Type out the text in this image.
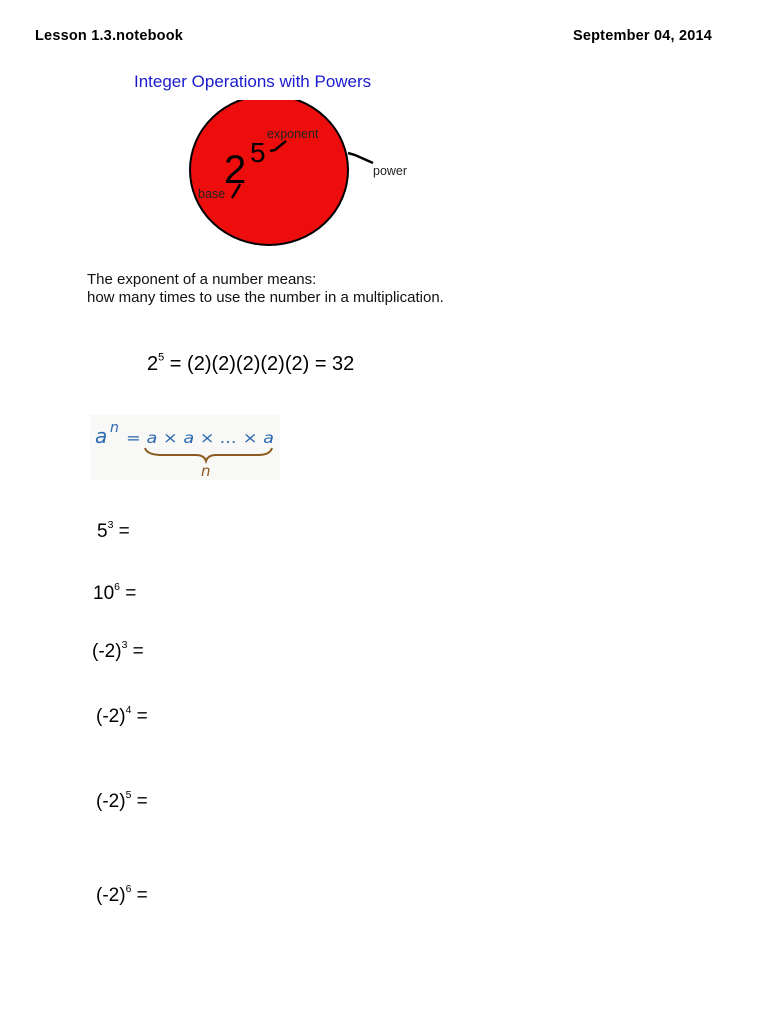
Lesson 1.3.notebook	September 04, 2014
Integer Operations with Powers
2 5
exponent
base
power
The exponent of a number means:
how many times to use the number in a multiplication.
$2^5 = (2)(2)(2)(2)(2) = 32$
a n
= a × a × ... × a
n
$5^3$ =
$10^6$ =
$(-2)^3$ =
$(-2)^4$ =
$(-2)^5$ =
$(-2)^6$ =
